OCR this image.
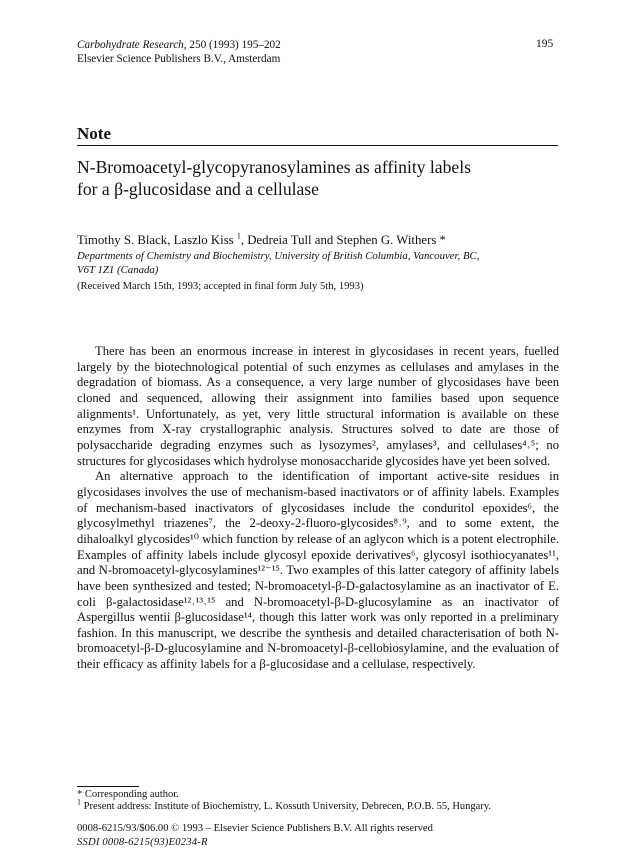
Carbohydrate Research, 250 (1993) 195–202
Elsevier Science Publishers B.V., Amsterdam
195
Note
N-Bromoacetyl-glycopyranosylamines as affinity labels
for a β-glucosidase and a cellulase
Timothy S. Black, Laszlo Kiss $^1$, Dedreia Tull and Stephen G. Withers *
Departments of Chemistry and Biochemistry, University of British Columbia, Vancouver, BC,
V6T 1Z1 (Canada)
(Received March 15th, 1993; accepted in final form July 5th, 1993)

There has been an enormous increase in interest in glycosidases in recent years, fuelled largely by the biotechnological potential of such enzymes as cellulases and amylases in the degradation of biomass. As a consequence, a very large number of glycosidases have been cloned and sequenced, allowing their assignment into families based upon sequence alignments¹. Unfortunately, as yet, very little structural information is available on these enzymes from X-ray crystallographic analysis. Structures solved to date are those of polysaccharide degrading enzymes such as lysozymes², amylases³, and cellulases⁴˒⁵; no structures for glycosidases which hydrolyse monosaccharide glycosides have yet been solved.

An alternative approach to the identification of important active-site residues in glycosidases involves the use of mechanism-based inactivators or of affinity labels. Examples of mechanism-based inactivators of glycosidases include the conduritol epoxides⁶, the glycosylmethyl triazenes⁷, the 2-deoxy-2-fluoro-glycosides⁸˒⁹, and to some extent, the dihaloalkyl glycosides¹⁰ which function by release of an aglycon which is a potent electrophile. Examples of affinity labels include glycosyl epoxide derivatives⁶, glycosyl isothiocyanates¹¹, and N-bromoacetyl-glycosylamines¹²⁻¹⁵. Two examples of this latter category of affinity labels have been synthesized and tested; N-bromoacetyl-β-D-galactosylamine as an inactivator of E. coli β-galactosidase¹²˒¹³˒¹⁵ and N-bromoacetyl-β-D-glucosylamine as an inactivator of Aspergillus wentii β-glucosidase¹⁴, though this latter work was only reported in a preliminary fashion. In this manuscript, we describe the synthesis and detailed characterisation of both N-bromoacetyl-β-D-glucosylamine and N-bromoacetyl-β-cellobiosylamine, and the evaluation of their efficacy as affinity labels for a β-glucosidase and a cellulase, respectively.

* Corresponding author.
$^1$ Present address: Institute of Biochemistry, L. Kossuth University, Debrecen, P.O.B. 55, Hungary.
0008-6215/93/$06.00 © 1993 – Elsevier Science Publishers B.V. All rights reserved
SSDI 0008-6215(93)E0234-R
